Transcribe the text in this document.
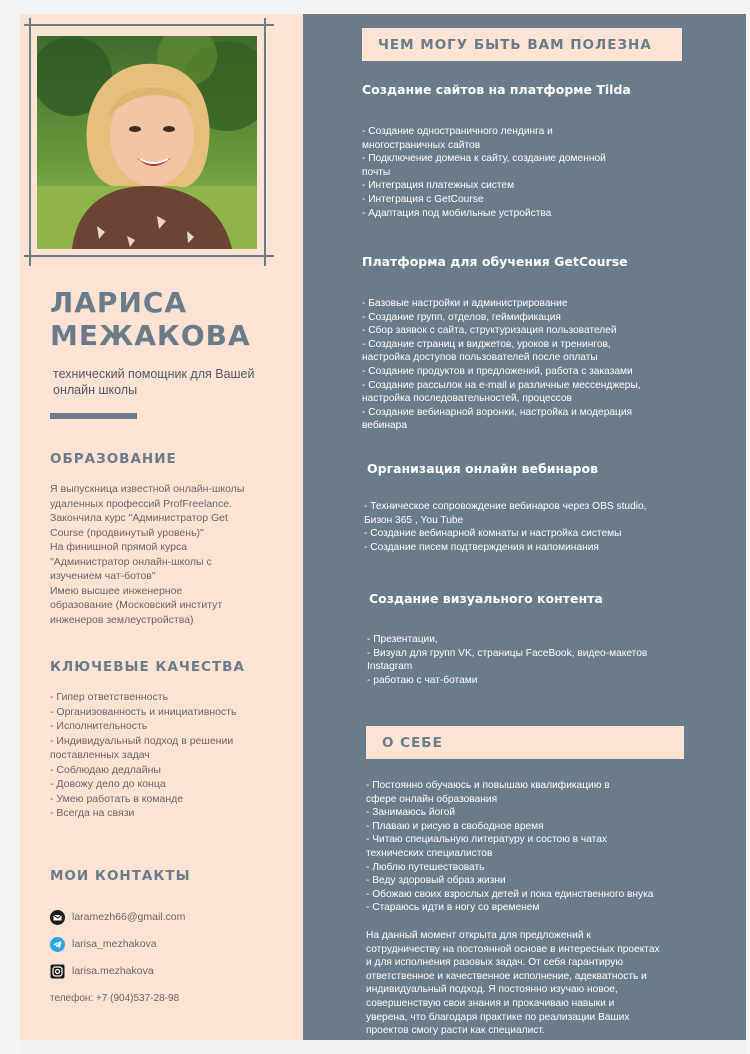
ЛАРИСА
МЕЖАКОВА
технический помощник для Вашей онлайн школы
ОБРАЗОВАНИЕ
Я выпускница известной онлайн-школы
удаленных профессий ProfFreelance.
Закончила курс "Администратор Get
Course (продвинутый уровень)"
На финишной прямой курса
"Администратор онлайн-школы с
изучением чат-ботов"
Имею высшее инженерное
образование (Московский институт
инженеров землеустройства)
КЛЮЧЕВЫЕ КАЧЕСТВА
- Гипер ответственность
- Организованность и инициативность
- Исполнительность
- Индивидуальный подход в решении
поставленных задач
- Соблюдаю дедлайны
- Довожу дело до конца
- Умею работать в команде
- Всегда на связи
МОИ КОНТАКТЫ
laramezh66@gmail.com
larisa_mezhakova
larisa.mezhakova
телефон: +7 (904)537-28-98
ЧЕМ МОГУ БЫТЬ ВАМ ПОЛЕЗНА
Создание сайтов на платформе Tilda
- Создание одностраничного лендинга и
многостраничных сайтов
- Подключение домена к сайту, создание доменной
почты
- Интеграция платежных систем
- Интеграция с GetCourse
- Адаптация под мобильные устройства
Платформа для обучения GetCourse
- Базовые настройки и администрирование
- Создание групп, отделов, геймификация
- Сбор заявок с сайта, структуризация пользователей
- Создание страниц и виджетов, уроков и тренингов,
настройка доступов пользователей после оплаты
- Создание продуктов и предложений, работа с заказами
- Создание рассылок на e-mail и различные мессенджеры,
настройка последовательностей, процессов
- Создание вебинарной воронки, настройка и модерация
вебинара
Организация онлайн вебинаров
- Техническое сопровождение вебинаров через OBS studio,
Бизон 365 , You Tube
- Создание вебинарной комнаты и настройка системы
- Создание писем подтверждения и напоминания
Создание визуального контента
- Презентации,
- Визуал для групп VK, страницы FaceBook, видео-макетов
Instagram
- работаю с чат-ботами
О СЕБЕ
- Постоянно обучаюсь и повышаю квалификацию в
сфере онлайн образования
- Занимаюсь йогой
- Плаваю и рисую в свободное время
- Читаю специальную литературу и состою в чатах
технических специалистов
- Люблю путешествовать
- Веду здоровый образ жизни
- Обожаю своих взрослых детей и пока единственного внука
- Стараюсь идти в ногу со временем
На данный момент открыта для предложений к
сотрудничеству на постоянной основе в интересных проектах
и для исполнения разовых задач. От себя гарантирую
ответственное и качественное исполнение, адекватность и
индивидуальный подход. Я постоянно изучаю новое,
совершенствую свои знания и прокачиваю навыки и
уверена, что благодаря практике по реализации Ваших
проектов смогу расти как специалист.
